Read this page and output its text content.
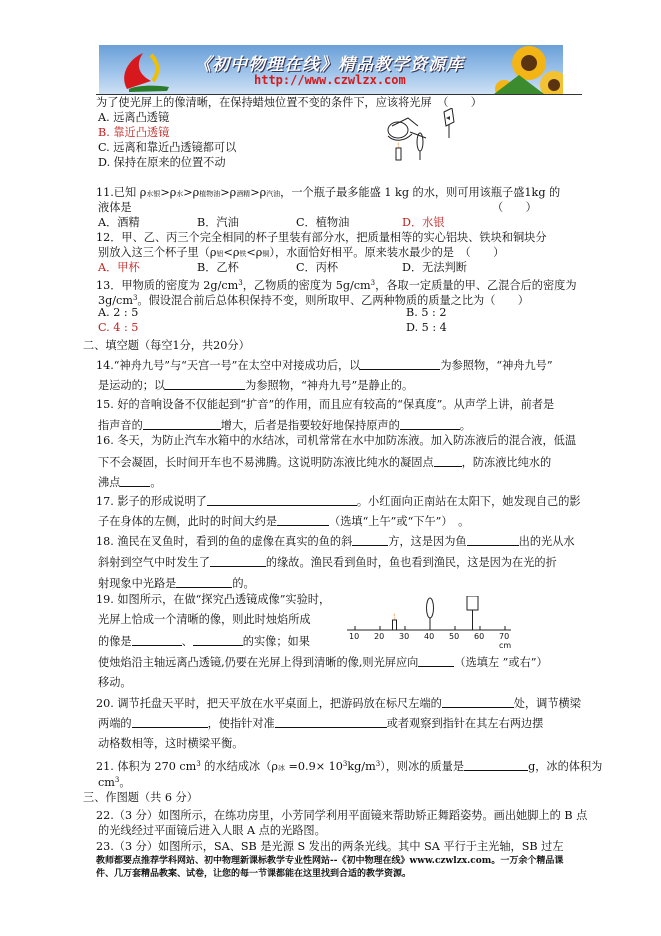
《初中物理在线》精品教学资源库
http://www.czwlzx.com
为了使光屏上的像清晰，在保持蜡烛位置不变的条件下，应该将光屏　（　　）
A. 远离凸透镜
B. 靠近凸透镜
C. 远离和靠近凸透镜都可以
D. 保持在原来的位置不动
11.已知 ρ水银>ρ水>ρ植物油>ρ酒精>ρ汽油，一个瓶子最多能盛 1 kg 的水，则可用该瓶子盛1kg 的
液体是	（　　）
A．酒精	B．汽油	C．植物油	D．水银
12．甲、乙、丙三个完全相同的杯子里装有部分水，把质量相等的实心铝块、铁块和铜块分
别放入这三个杯子里（ρ铝<ρ铁<ρ铜），水面恰好相平。原来装水最少的是　（　　）
A．甲杯	B．乙杯	C．丙杯	D．无法判断
13．甲物质的密度为 $2g/cm^3$，乙物质的密度为 $5g/cm^3$，各取一定质量的甲、乙混合后的密度为
$3g/cm^3$。假设混合前后总体积保持不变，则所取甲、乙两种物质的质量之比为（　　）
A. 2 : 5	B. 5 : 2
C. 4 : 5	D. 5 : 4
二、填空题（每空1分，共20分）
14.“神舟九号”与“天宫一号”在太空中对接成功后，以	为参照物，“神舟九号”
是运动的；以	为参照物，“神舟九号”是静止的。
15. 好的音响设备不仅能起到“扩音”的作用，而且应有较高的“保真度”。从声学上讲，前者是
指声音的	增大，后者是指要较好地保持原声的	。
16. 冬天，为防止汽车水箱中的水结冰，司机常常在水中加防冻液。加入防冻液后的混合液，低温
下不会凝固，长时间开车也不易沸腾。这说明防冻液比纯水的凝固点	，防冻液比纯水的
沸点	。
17. 影子的形成说明了	。小红面向正南站在太阳下，她发现自己的影
子在身体的左侧，此时的时间大约是	（选填“上午”或“下午”）　。
18. 渔民在叉鱼时，看到的鱼的虚像在真实的鱼的斜	方，这是因为鱼	出的光从水
斜射到空气中时发生了	的缘故。渔民看到鱼时，鱼也看到渔民，这是因为在光的折
射现象中光路是	的。
19. 如图所示，在做“探究凸透镜成像”实验时，
光屏上恰成一个清晰的像，则此时烛焰所成
的像是	、	的实像；如果
使烛焰沿主轴远离凸透镜,仍要在光屏上得到清晰的像,则光屏应向	（选填左 ”或右”）
移动。
10 20 30 40 50 60 70 cm
20. 调节托盘天平时，把天平放在水平桌面上，把游码放在标尺左端的	处，调节横梁
两端的	，使指针对准	或者观察到指针在其左右两边摆
动格数相等，这时横梁平衡。
21. 体积为 270 $cm^3$ 的水结成冰（ρ冰 $=0.9\times 10^3kg/m^3$），则冰的质量是	g，冰的体积为
$cm^3$。
三、作图题（共 6 分）
22.（3 分）如图所示，在练功房里，小芳同学利用平面镜来帮助矫正舞蹈姿势。画出她脚上的 B 点
的光线经过平面镜后进入人眼 A 点的光路图。
23.（3 分）如图所示，SA、SB 是光源 S 发出的两条光线。其中 SA 平行于主光轴，SB 过左
教师都要点推荐学科网站、初中物理新课标教学专业性网站--《初中物理在线》www.czwlzx.com。一万余个精品课
件、几万套精品教案、试卷，让您的每一节课都能在这里找到合适的教学资源。
